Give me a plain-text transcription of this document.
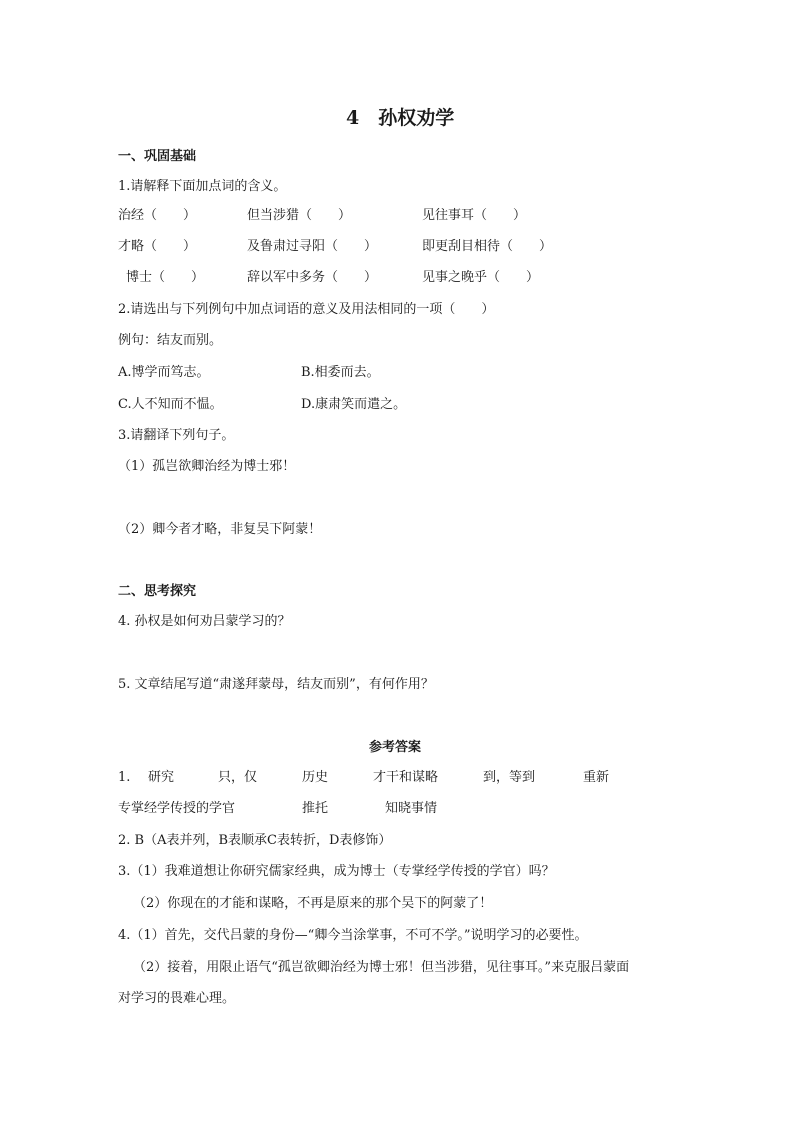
4　孙权劝学
一、巩固基础
1.请解释下面加点词的含义。
治经（　　）	但当涉猎（　　）	见往事耳（　　）
才略（　　）	及鲁肃过寻阳（　　）	即更刮目相待（　　）
博士（　　）	辞以军中多务（　　）	见事之晚乎（　　）
2.请选出与下列例句中加点词语的意义及用法相同的一项（　　）
例句：结友而别。
A.博学而笃志。	B.相委而去。
C.人不知而不愠。	D.康肃笑而遣之。
3.请翻译下列句子。
（1）孤岂欲卿治经为博士邪！
（2）卿今者才略，非复吴下阿蒙！
二、思考探究
4. 孙权是如何劝吕蒙学习的？
5. 文章结尾写道“肃遂拜蒙母，结友而别”，有何作用？
参考答案
1. 研究	只，仅	历史	才干和谋略	到，等到	重新
专掌经学传授的学官	推托	知晓事情
2. B（A表并列，B表顺承C表转折，D表修饰）
3.（1）我难道想让你研究儒家经典，成为博士（专掌经学传授的学官）吗？
（2）你现在的才能和谋略，不再是原来的那个吴下的阿蒙了！
4.（1）首先，交代吕蒙的身份—“卿今当涂掌事，不可不学。”说明学习的必要性。
（2）接着，用限止语气“孤岂欲卿治经为博士邪！但当涉猎，见往事耳。”来克服吕蒙面
对学习的畏难心理。
